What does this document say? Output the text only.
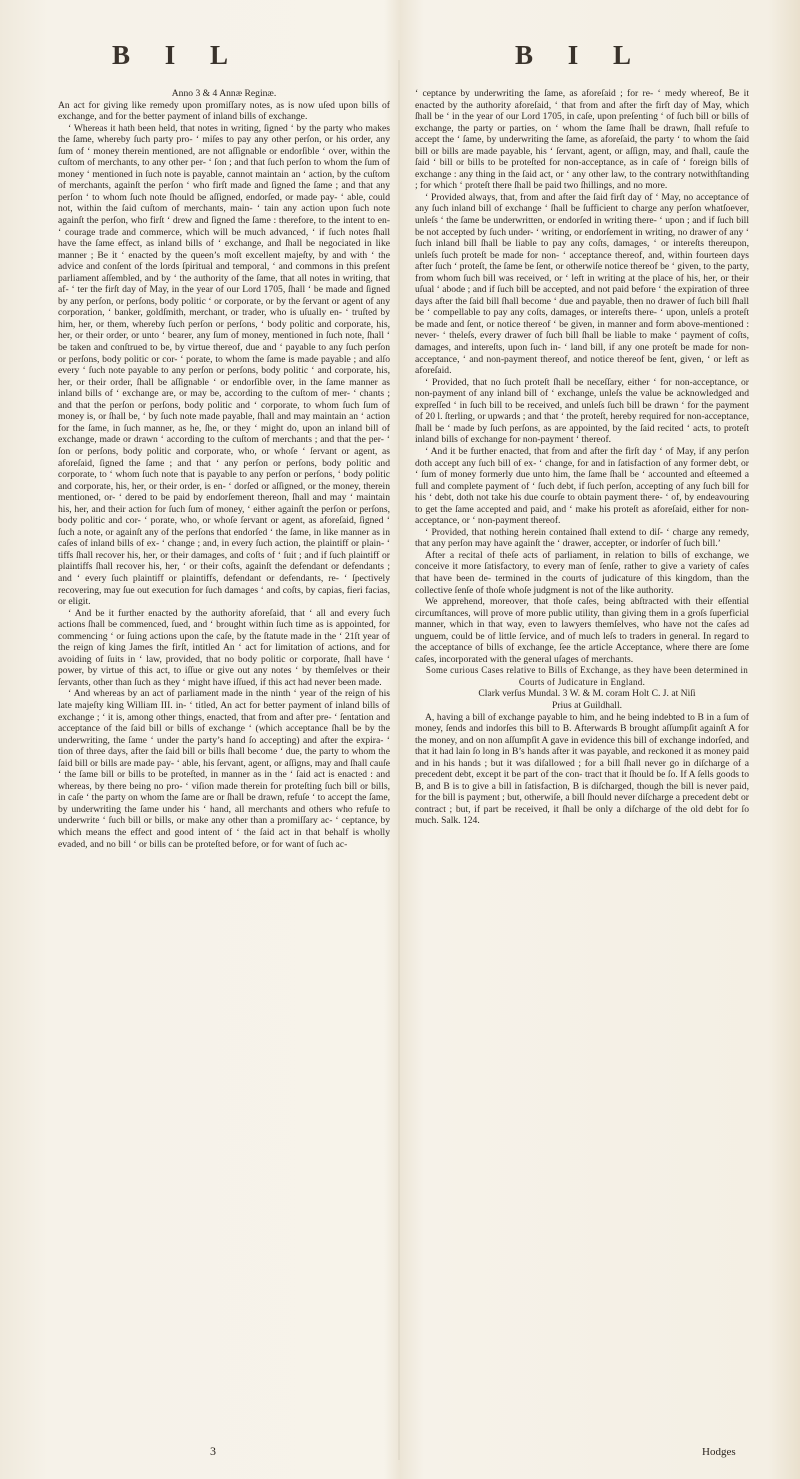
B I L	B I L

Anno 3 & 4 Annæ Reginæ.

An act for giving like remedy upon promiſſary notes, as is now uſed upon bills of exchange, and for the better payment of inland bills of exchange.

‘ Whereas it hath been held, that notes in writing, ſigned ‘ by the party who makes the ſame, whereby ſuch party pro- ‘ miſes to pay any other perſon, or his order, any ſum of ‘ money therein mentioned, are not aſſignable or endorſible ‘ over, within the cuſtom of merchants, to any other per- ‘ ſon ; and that ſuch perſon to whom the ſum of money ‘ mentioned in ſuch note is payable, cannot maintain an ‘ action, by the cuſtom of merchants, againſt the perſon ‘ who firſt made and ſigned the ſame ; and that any perſon ‘ to whom ſuch note ſhould be aſſigned, endorſed, or made pay- ‘ able, could not, within the ſaid cuſtom of merchants, main- ‘ tain any action upon ſuch note againſt the perſon, who firſt ‘ drew and ſigned the ſame : therefore, to the intent to en- ‘ courage trade and commerce, which will be much advanced, ‘ if ſuch notes ſhall have the ſame effect, as inland bills of ‘ exchange, and ſhall be negociated in like manner ; Be it ‘ enacted by the queen’s moſt excellent majeſty, by and with ‘ the advice and conſent of the lords ſpiritual and temporal, ‘ and commons in this preſent parliament aſſembled, and by ‘ the authority of the ſame, that all notes in writing, that af- ‘ ter the firſt day of May, in the year of our Lord 1705, ſhall ‘ be made and ſigned by any perſon, or perſons, body politic ‘ or corporate, or by the ſervant or agent of any corporation, ‘ banker, goldſmith, merchant, or trader, who is uſually en- ‘ truſted by him, her, or them, whereby ſuch perſon or perſons, ‘ body politic and corporate, his, her, or their order, or unto ‘ bearer, any ſum of money, mentioned in ſuch note, ſhall ‘ be taken and conſtrued to be, by virtue thereof, due and ‘ payable to any ſuch perſon or perſons, body politic or cor- ‘ porate, to whom the ſame is made payable ; and alſo every ‘ ſuch note payable to any perſon or perſons, body politic ‘ and corporate, his, her, or their order, ſhall be aſſignable ‘ or endorſible over, in the ſame manner as inland bills of ‘ exchange are, or may be, according to the cuſtom of mer- ‘ chants ; and that the perſon or perſons, body politic and ‘ corporate, to whom ſuch ſum of money is, or ſhall be, ‘ by ſuch note made payable, ſhall and may maintain an ‘ action for the ſame, in ſuch manner, as he, ſhe, or they ‘ might do, upon an inland bill of exchange, made or drawn ‘ according to the cuſtom of merchants ; and that the per- ‘ ſon or perſons, body politic and corporate, who, or whoſe ‘ ſervant or agent, as aforeſaid, ſigned the ſame ; and that ‘ any perſon or perſons, body politic and corporate, to ‘ whom ſuch note that is payable to any perſon or perſons, ‘ body politic and corporate, his, her, or their order, is en- ‘ dorſed or aſſigned, or the money, therein mentioned, or- ‘ dered to be paid by endorſement thereon, ſhall and may ‘ maintain his, her, and their action for ſuch ſum of money, ‘ either againſt the perſon or perſons, body politic and cor- ‘ porate, who, or whoſe ſervant or agent, as aforeſaid, ſigned ‘ ſuch a note, or againſt any of the perſons that endorſed ‘ the ſame, in like manner as in caſes of inland bills of ex- ‘ change ; and, in every ſuch action, the plaintiff or plain- ‘ tiffs ſhall recover his, her, or their damages, and coſts of ‘ ſuit ; and if ſuch plaintiff or plaintiffs ſhall recover his, her, ‘ or their coſts, againſt the defendant or defendants ; and ‘ every ſuch plaintiff or plaintiffs, defendant or defendants, re- ‘ ſpectively recovering, may ſue out execution for ſuch damages ‘ and coſts, by capias, fieri facias, or eligit.

‘ And be it further enacted by the authority aforeſaid, that ‘ all and every ſuch actions ſhall be commenced, ſued, and ‘ brought within ſuch time as is appointed, for commencing ‘ or ſuing actions upon the caſe, by the ſtatute made in the ‘ 21ſt year of the reign of king James the firſt, intitled An ‘ act for limitation of actions, and for avoiding of ſuits in ‘ law, provided, that no body politic or corporate, ſhall have ‘ power, by virtue of this act, to iſſue or give out any notes ‘ by themſelves or their ſervants, other than ſuch as they ‘ might have iſſued, if this act had never been made.

‘ And whereas by an act of parliament made in the ninth ‘ year of the reign of his late majeſty king William III. in- ‘ titled, An act for better payment of inland bills of exchange ; ‘ it is, among other things, enacted, that from and after pre- ‘ ſentation and acceptance of the ſaid bill or bills of exchange ‘ (which acceptance ſhall be by the underwriting, the ſame ‘ under the party’s hand ſo accepting) and after the expira- ‘ tion of three days, after the ſaid bill or bills ſhall become ‘ due, the party to whom the ſaid bill or bills are made pay- ‘ able, his ſervant, agent, or aſſigns, may and ſhall cauſe ‘ the ſame bill or bills to be proteſted, in manner as in the ‘ ſaid act is enacted : and whereas, by there being no pro- ‘ viſion made therein for proteſting ſuch bill or bills, in caſe ‘ the party on whom the ſame are or ſhall be drawn, refuſe ‘ to accept the ſame, by underwriting the ſame under his ‘ hand, all merchants and others who refuſe to underwrite ‘ ſuch bill or bills, or make any other than a promiſſary ac- ‘ ceptance, by which means the effect and good intent of ‘ the ſaid act in that behalf is wholly evaded, and no bill ‘ or bills can be proteſted before, or for want of ſuch ac-

‘ ceptance by underwriting the ſame, as aforeſaid ; for re- ‘ medy whereof, Be it enacted by the authority aforeſaid, ‘ that from and after the firſt day of May, which ſhall be ‘ in the year of our Lord 1705, in caſe, upon preſenting ‘ of ſuch bill or bills of exchange, the party or parties, on ‘ whom the ſame ſhall be drawn, ſhall refuſe to accept the ‘ ſame, by underwriting the ſame, as aforeſaid, the party ‘ to whom the ſaid bill or bills are made payable, his ‘ ſervant, agent, or aſſign, may, and ſhall, cauſe the ſaid ‘ bill or bills to be proteſted for non-acceptance, as in caſe of ‘ foreign bills of exchange : any thing in the ſaid act, or ‘ any other law, to the contrary notwithſtanding ; for which ‘ proteſt there ſhall be paid two ſhillings, and no more.

‘ Provided always, that, from and after the ſaid firſt day of ‘ May, no acceptance of any ſuch inland bill of exchange ‘ ſhall be ſufficient to charge any perſon whatſoever, unleſs ‘ the ſame be underwritten, or endorſed in writing there- ‘ upon ; and if ſuch bill be not accepted by ſuch under- ‘ writing, or endorſement in writing, no drawer of any ‘ ſuch inland bill ſhall be liable to pay any coſts, damages, ‘ or intereſts thereupon, unleſs ſuch proteſt be made for non- ‘ acceptance thereof, and, within fourteen days after ſuch ‘ proteſt, the ſame be ſent, or otherwiſe notice thereof be ‘ given, to the party, from whom ſuch bill was received, or ‘ left in writing at the place of his, her, or their uſual ‘ abode ; and if ſuch bill be accepted, and not paid before ‘ the expiration of three days after the ſaid bill ſhall become ‘ due and payable, then no drawer of ſuch bill ſhall be ‘ compellable to pay any coſts, damages, or intereſts there- ‘ upon, unleſs a proteſt be made and ſent, or notice thereof ‘ be given, in manner and form above-mentioned : never- ‘ theleſs, every drawer of ſuch bill ſhall be liable to make ‘ payment of coſts, damages, and intereſts, upon ſuch in- ‘ land bill, if any one proteſt be made for non-acceptance, ‘ and non-payment thereof, and notice thereof be ſent, given, ‘ or left as aforeſaid.

‘ Provided, that no ſuch proteſt ſhall be neceſſary, either ‘ for non-acceptance, or non-payment of any inland bill of ‘ exchange, unleſs the value be acknowledged and expreſſed ‘ in ſuch bill to be received, and unleſs ſuch bill be drawn ‘ for the payment of 20 l. ſterling, or upwards ; and that ‘ the proteſt, hereby required for non-acceptance, ſhall be ‘ made by ſuch perſons, as are appointed, by the ſaid recited ‘ acts, to proteſt inland bills of exchange for non-payment ‘ thereof.

‘ And it be further enacted, that from and after the firſt day ‘ of May, if any perſon doth accept any ſuch bill of ex- ‘ change, for and in ſatisfaction of any former debt, or ‘ ſum of money formerly due unto him, the ſame ſhall be ‘ accounted and eſteemed a full and complete payment of ‘ ſuch debt, if ſuch perſon, accepting of any ſuch bill for his ‘ debt, doth not take his due courſe to obtain payment there- ‘ of, by endeavouring to get the ſame accepted and paid, and ‘ make his proteſt as aforeſaid, either for non-acceptance, or ‘ non-payment thereof.

‘ Provided, that nothing herein contained ſhall extend to diſ- ‘ charge any remedy, that any perſon may have againſt the ‘ drawer, accepter, or indorſer of ſuch bill.’

After a recital of theſe acts of parliament, in relation to bills of exchange, we conceive it more ſatisfactory, to every man of ſenſe, rather to give a variety of caſes that have been de- termined in the courts of judicature of this kingdom, than the collective ſenſe of thoſe whoſe judgment is not of the like authority.

We apprehend, moreover, that thoſe caſes, being abſtracted with their eſſential circumſtances, will prove of more public utility, than giving them in a groſs ſuperficial manner, which in that way, even to lawyers themſelves, who have not the caſes ad unguem, could be of little ſervice, and of much leſs to traders in general. In regard to the acceptance of bills of exchange, ſee the article Acceptance, where there are ſome caſes, incorporated with the general uſages of merchants.

Some curious Cases relative to Bills of Exchange, as they have been determined in Courts of Judicature in England.

Clark verſus Mundal. 3 W. & M. coram Holt C. J. at Niſi

Prius at Guildhall.

A, having a bill of exchange payable to him, and he being indebted to B in a ſum of money, ſends and indorſes this bill to B. Afterwards B brought aſſumpſit againſt A for the money, and on non aſſumpſit A gave in evidence this bill of exchange indorſed, and that it had lain ſo long in B’s hands after it was payable, and reckoned it as money paid and in his hands ; but it was diſallowed ; for a bill ſhall never go in diſcharge of a precedent debt, except it be part of the con- tract that it ſhould be ſo. If A ſells goods to B, and B is to give a bill in ſatisfaction, B is diſcharged, though the bill is never paid, for the bill is payment ; but, otherwiſe, a bill ſhould never diſcharge a precedent debt or contract ; but, if part be received, it ſhall be only a diſcharge of the old debt for ſo much. Salk. 124.

3	Hodges
